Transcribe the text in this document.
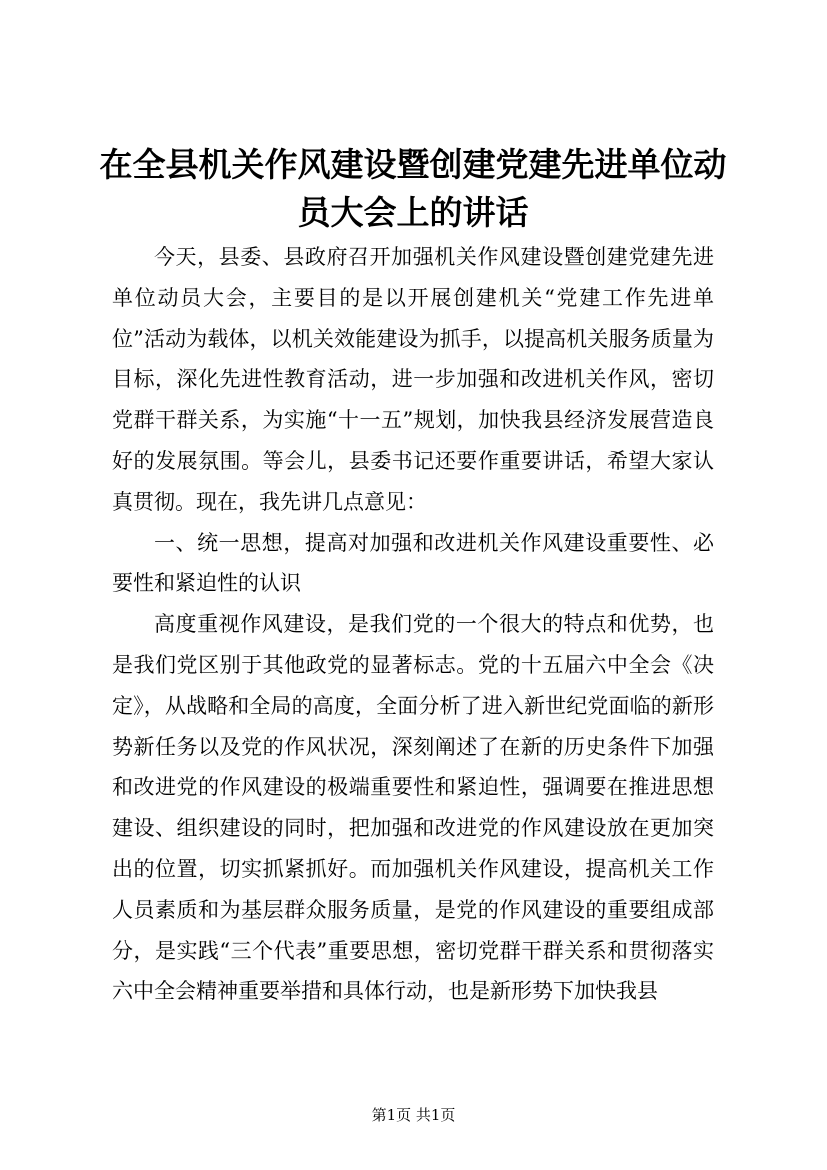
在全县机关作风建设暨创建党建先进单位动员大会上的讲话

今天，县委、县政府召开加强机关作风建设暨创建党建先进单位动员大会，主要目的是以开展创建机关“党建工作先进单位”活动为载体，以机关效能建设为抓手，以提高机关服务质量为目标，深化先进性教育活动，进一步加强和改进机关作风，密切党群干群关系，为实施“十一五”规划，加快我县经济发展营造良好的发展氛围。等会儿，县委书记还要作重要讲话，希望大家认真贯彻。现在，我先讲几点意见：

一、统一思想，提高对加强和改进机关作风建设重要性、必要性和紧迫性的认识

高度重视作风建设，是我们党的一个很大的特点和优势，也是我们党区别于其他政党的显著标志。党的十五届六中全会《决定》，从战略和全局的高度，全面分析了进入新世纪党面临的新形势新任务以及党的作风状况，深刻阐述了在新的历史条件下加强和改进党的作风建设的极端重要性和紧迫性，强调要在推进思想建设、组织建设的同时，把加强和改进党的作风建设放在更加突出的位置，切实抓紧抓好。而加强机关作风建设，提高机关工作人员素质和为基层群众服务质量，是党的作风建设的重要组成部分，是实践“三个代表”重要思想，密切党群干群关系和贯彻落实六中全会精神重要举措和具体行动，也是新形势下加快我县

第1页 共1页
